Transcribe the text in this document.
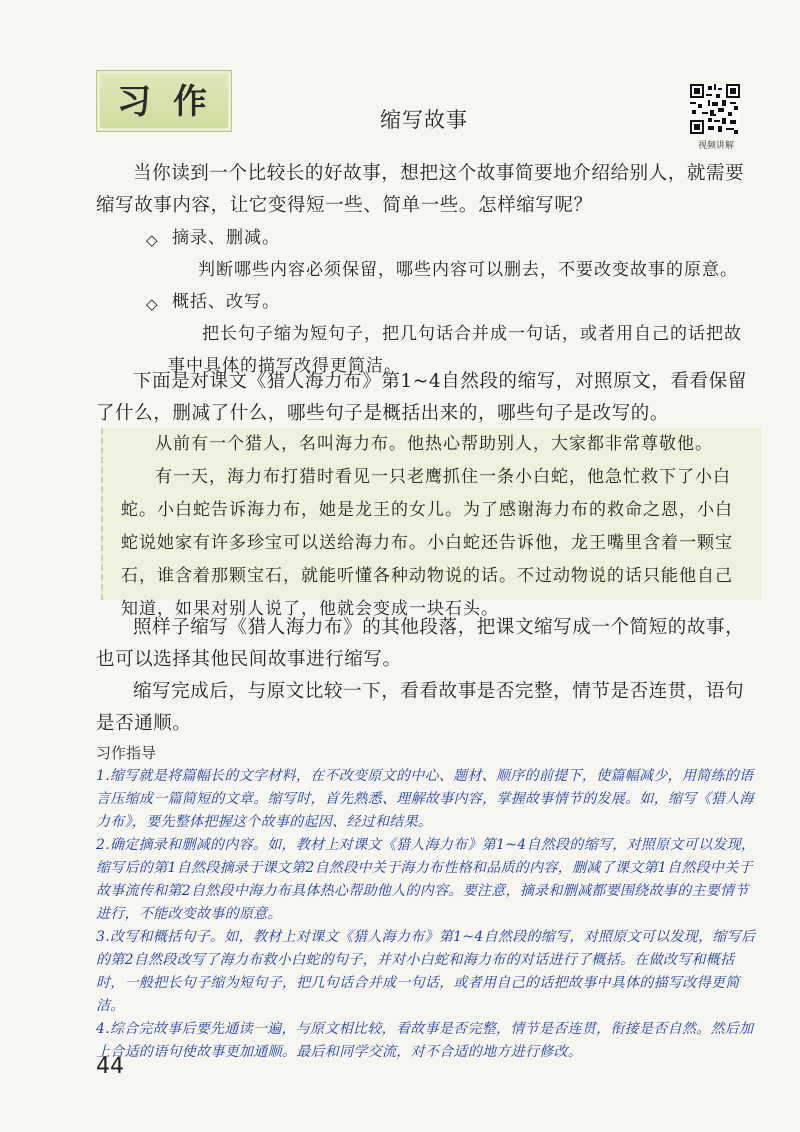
习作	缩写故事
视频讲解
当你读到一个比较长的好故事，想把这个故事简要地介绍给别人，就需要缩写故事内容，让它变得短一些、简单一些。怎样缩写呢？
◇ 摘录、删减。
判断哪些内容必须保留，哪些内容可以删去，不要改变故事的原意。
◇ 概括、改写。
把长句子缩为短句子，把几句话合并成一句话，或者用自己的话把故事中具体的描写改得更简洁。
下面是对课文《猎人海力布》第1~4自然段的缩写，对照原文，看看保留了什么，删减了什么，哪些句子是概括出来的，哪些句子是改写的。

从前有一个猎人，名叫海力布。他热心帮助别人，大家都非常尊敬他。

有一天，海力布打猎时看见一只老鹰抓住一条小白蛇，他急忙救下了小白蛇。小白蛇告诉海力布，她是龙王的女儿。为了感谢海力布的救命之恩，小白蛇说她家有许多珍宝可以送给海力布。小白蛇还告诉他，龙王嘴里含着一颗宝石，谁含着那颗宝石，就能听懂各种动物说的话。不过动物说的话只能他自己知道，如果对别人说了，他就会变成一块石头。

照样子缩写《猎人海力布》的其他段落，把课文缩写成一个简短的故事，也可以选择其他民间故事进行缩写。
缩写完成后，与原文比较一下，看看故事是否完整，情节是否连贯，语句是否通顺。
习作指导
1.缩写就是将篇幅长的文字材料，在不改变原文的中心、题材、顺序的前提下，使篇幅减少，用简练的语言压缩成一篇简短的文章。缩写时，首先熟悉、理解故事内容，掌握故事情节的发展。如，缩写《猎人海力布》，要先整体把握这个故事的起因、经过和结果。
2.确定摘录和删减的内容。如，教材上对课文《猎人海力布》第1~4自然段的缩写，对照原文可以发现，缩写后的第1自然段摘录于课文第2自然段中关于海力布性格和品质的内容，删减了课文第1自然段中关于故事流传和第2自然段中海力布具体热心帮助他人的内容。要注意，摘录和删减都要围绕故事的主要情节进行，不能改变故事的原意。
3.改写和概括句子。如，教材上对课文《猎人海力布》第1~4自然段的缩写，对照原文可以发现，缩写后的第2自然段改写了海力布救小白蛇的句子，并对小白蛇和海力布的对话进行了概括。在做改写和概括时，一般把长句子缩为短句子，把几句话合并成一句话，或者用自己的话把故事中具体的描写改得更简洁。
4.综合完故事后要先通读一遍，与原文相比较，看故事是否完整，情节是否连贯，衔接是否自然。然后加上合适的语句使故事更加通顺。最后和同学交流，对不合适的地方进行修改。
44
